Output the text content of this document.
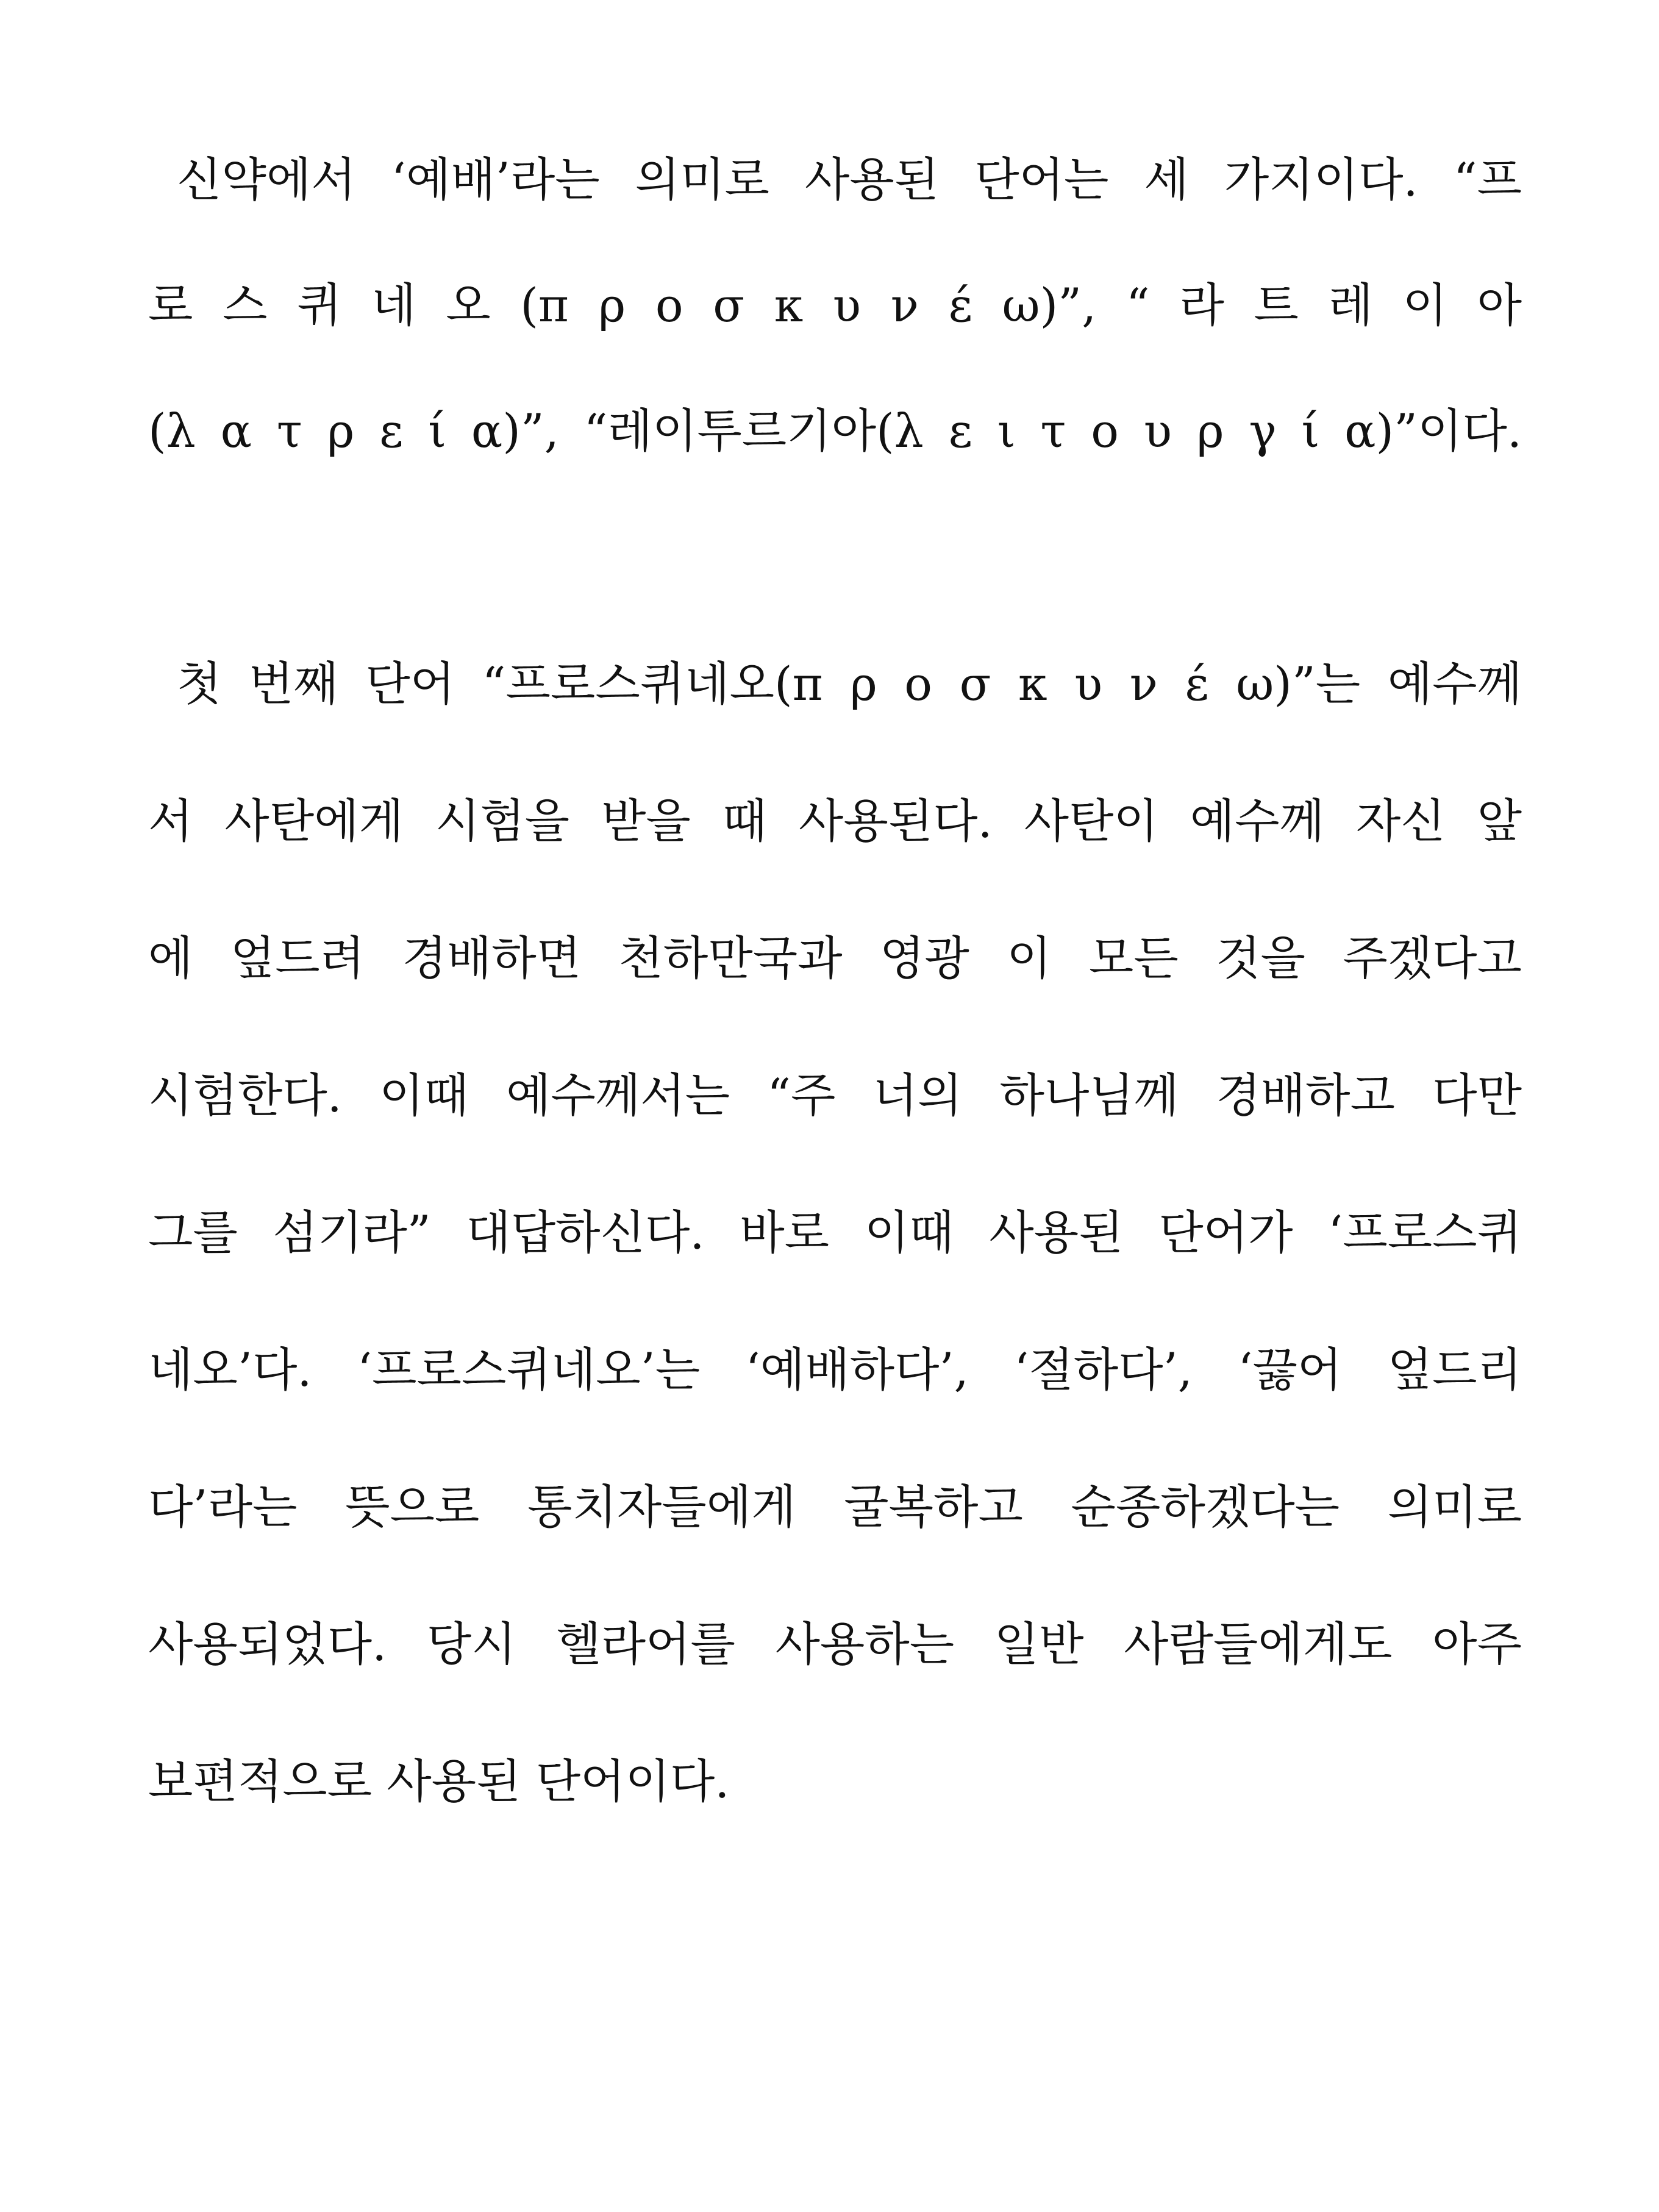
신약에서 ‘예배’라는 의미로 사용된 단어는 세 가지이다. “프
로 스 퀴 네 오 (π ρ ο σ κ υ ν έ ω)”, “ 라 트 레 이 아
(λ α τ ρ ε ί α)”, “레이투르기아(λ ε ι τ ο υ ρ γ ί α)”이다.
첫 번째 단어 “프로스퀴네오(π ρ ο σ κ υ ν έ ω)”는 예수께
서 사탄에게 시험을 받을 때 사용된다. 사탄이 예수께 자신 앞
에 엎드려 경배하면 천하만국과 영광 이 모든 것을 주겠다고
시험한다. 이때 예수께서는 “주 너의 하나님께 경배하고 다만
그를 섬기라” 대답하신다. 바로 이때 사용된 단어가 ‘프로스퀴
네오’다. ‘프로스퀴네오’는 ‘예배하다’, ‘절하다’, ‘끓어 엎드리
다’라는 뜻으로 통치자들에게 굴복하고 순종하겠다는 의미로
사용되었다. 당시 헬라어를 사용하는 일반 사람들에게도 아주
보편적으로 사용된 단어이다.
